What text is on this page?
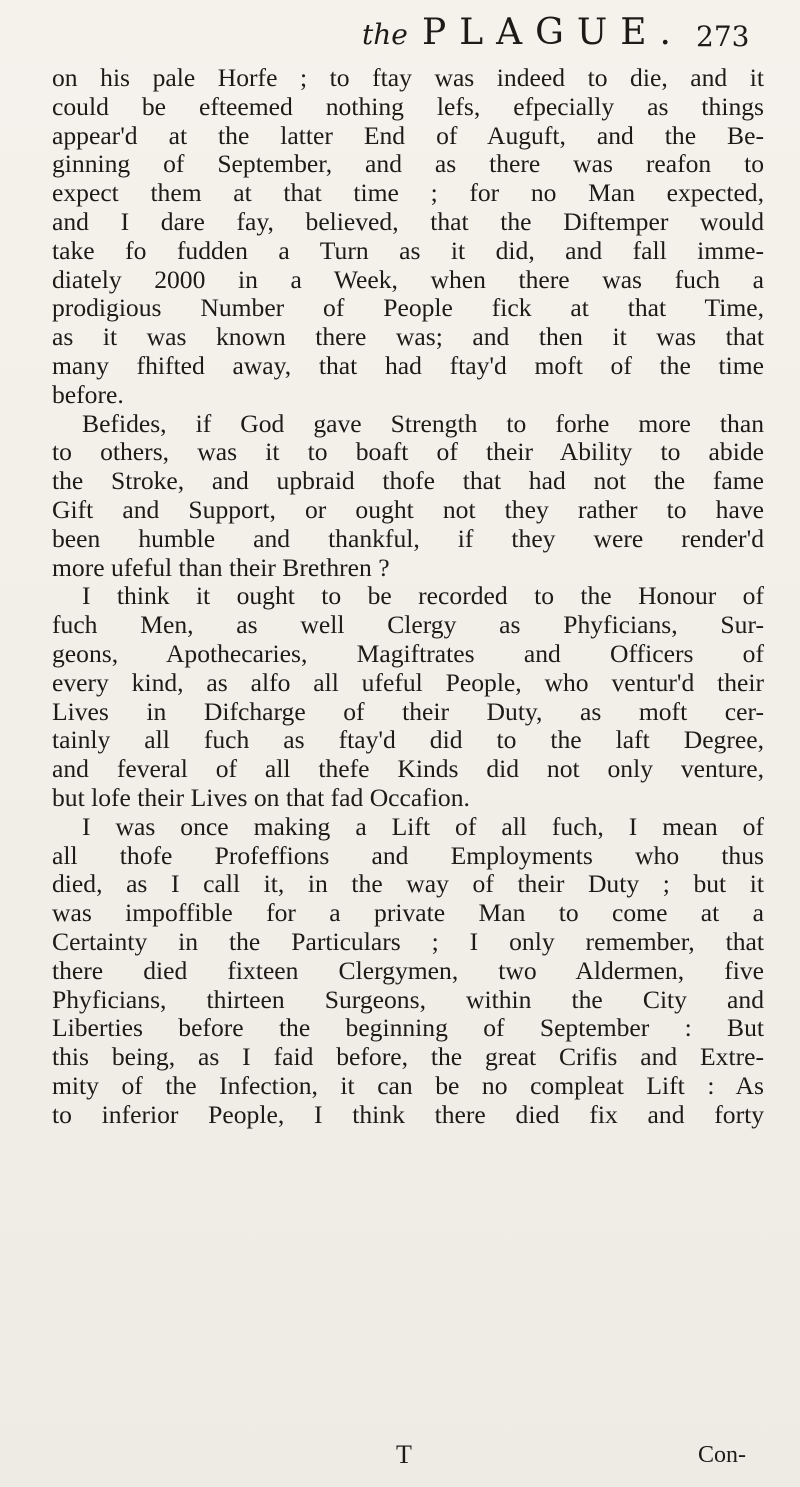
the PLAGUE. 273
on his pale Horfe ; to ftay was indeed to die, and it
could be efteemed nothing lefs, efpecially as things
appear'd at the latter End of Auguft, and the Be-
ginning of September, and as there was reafon to
expect them at that time ; for no Man expected,
and I dare fay, believed, that the Diftemper would
take fo fudden a Turn as it did, and fall imme-
diately 2000 in a Week, when there was fuch a
prodigious Number of People fick at that Time,
as it was known there was; and then it was that
many fhifted away, that had ftay'd moft of the time
before.
Befides, if God gave Strength to forhe more than
to others, was it to boaft of their Ability to abide
the Stroke, and upbraid thofe that had not the fame
Gift and Support, or ought not they rather to have
been humble and thankful, if they were render'd
more ufeful than their Brethren ?
I think it ought to be recorded to the Honour of
fuch Men, as well Clergy as Phyficians, Sur-
geons, Apothecaries, Magiftrates and Officers of
every kind, as alfo all ufeful People, who ventur'd their
Lives in Difcharge of their Duty, as moft cer-
tainly all fuch as ftay'd did to the laft Degree,
and feveral of all thefe Kinds did not only venture,
but lofe their Lives on that fad Occafion.
I was once making a Lift of all fuch, I mean of
all thofe Profeffions and Employments who thus
died, as I call it, in the way of their Duty ; but it
was impoffible for a private Man to come at a
Certainty in the Particulars ; I only remember, that
there died fixteen Clergymen, two Aldermen, five
Phyficians, thirteen Surgeons, within the City and
Liberties before the beginning of September : But
this being, as I faid before, the great Crifis and Extre-
mity of the Infection, it can be no compleat Lift : As
to inferior People, I think there died fix and forty
T	Con-
